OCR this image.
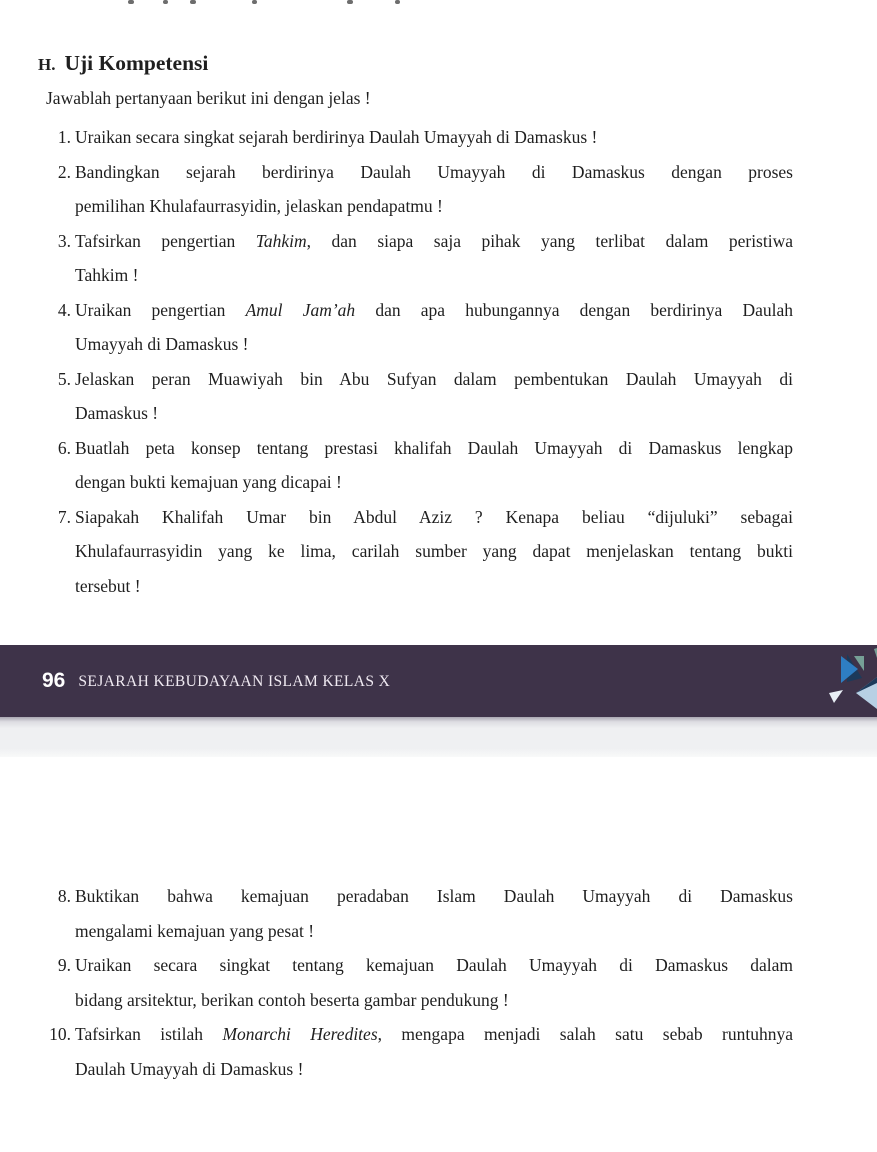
H. Uji Kompetensi
Jawablah pertanyaan berikut ini dengan jelas !
1. Uraikan secara singkat sejarah berdirinya Daulah Umayyah di Damaskus !
2. Bandingkan sejarah berdirinya Daulah Umayyah di Damaskus dengan proses
pemilihan Khulafaurrasyidin, jelaskan pendapatmu !
3. Tafsirkan pengertian Tahkim, dan siapa saja pihak yang terlibat dalam peristiwa
Tahkim !
4. Uraikan pengertian Amul Jam’ah dan apa hubungannya dengan berdirinya Daulah
Umayyah di Damaskus !
5. Jelaskan peran Muawiyah bin Abu Sufyan dalam pembentukan Daulah Umayyah di
Damaskus !
6. Buatlah peta konsep tentang prestasi khalifah Daulah Umayyah di Damaskus lengkap
dengan bukti kemajuan yang dicapai !
7. Siapakah Khalifah Umar bin Abdul Aziz ? Kenapa beliau “dijuluki” sebagai
Khulafaurrasyidin yang ke lima, carilah sumber yang dapat menjelaskan tentang bukti
tersebut !
96 SEJARAH KEBUDAYAAN ISLAM KELAS X
8. Buktikan bahwa kemajuan peradaban Islam Daulah Umayyah di Damaskus
mengalami kemajuan yang pesat !
9. Uraikan secara singkat tentang kemajuan Daulah Umayyah di Damaskus dalam
bidang arsitektur, berikan contoh beserta gambar pendukung !
10. Tafsirkan istilah Monarchi Heredites, mengapa menjadi salah satu sebab runtuhnya
Daulah Umayyah di Damaskus !
